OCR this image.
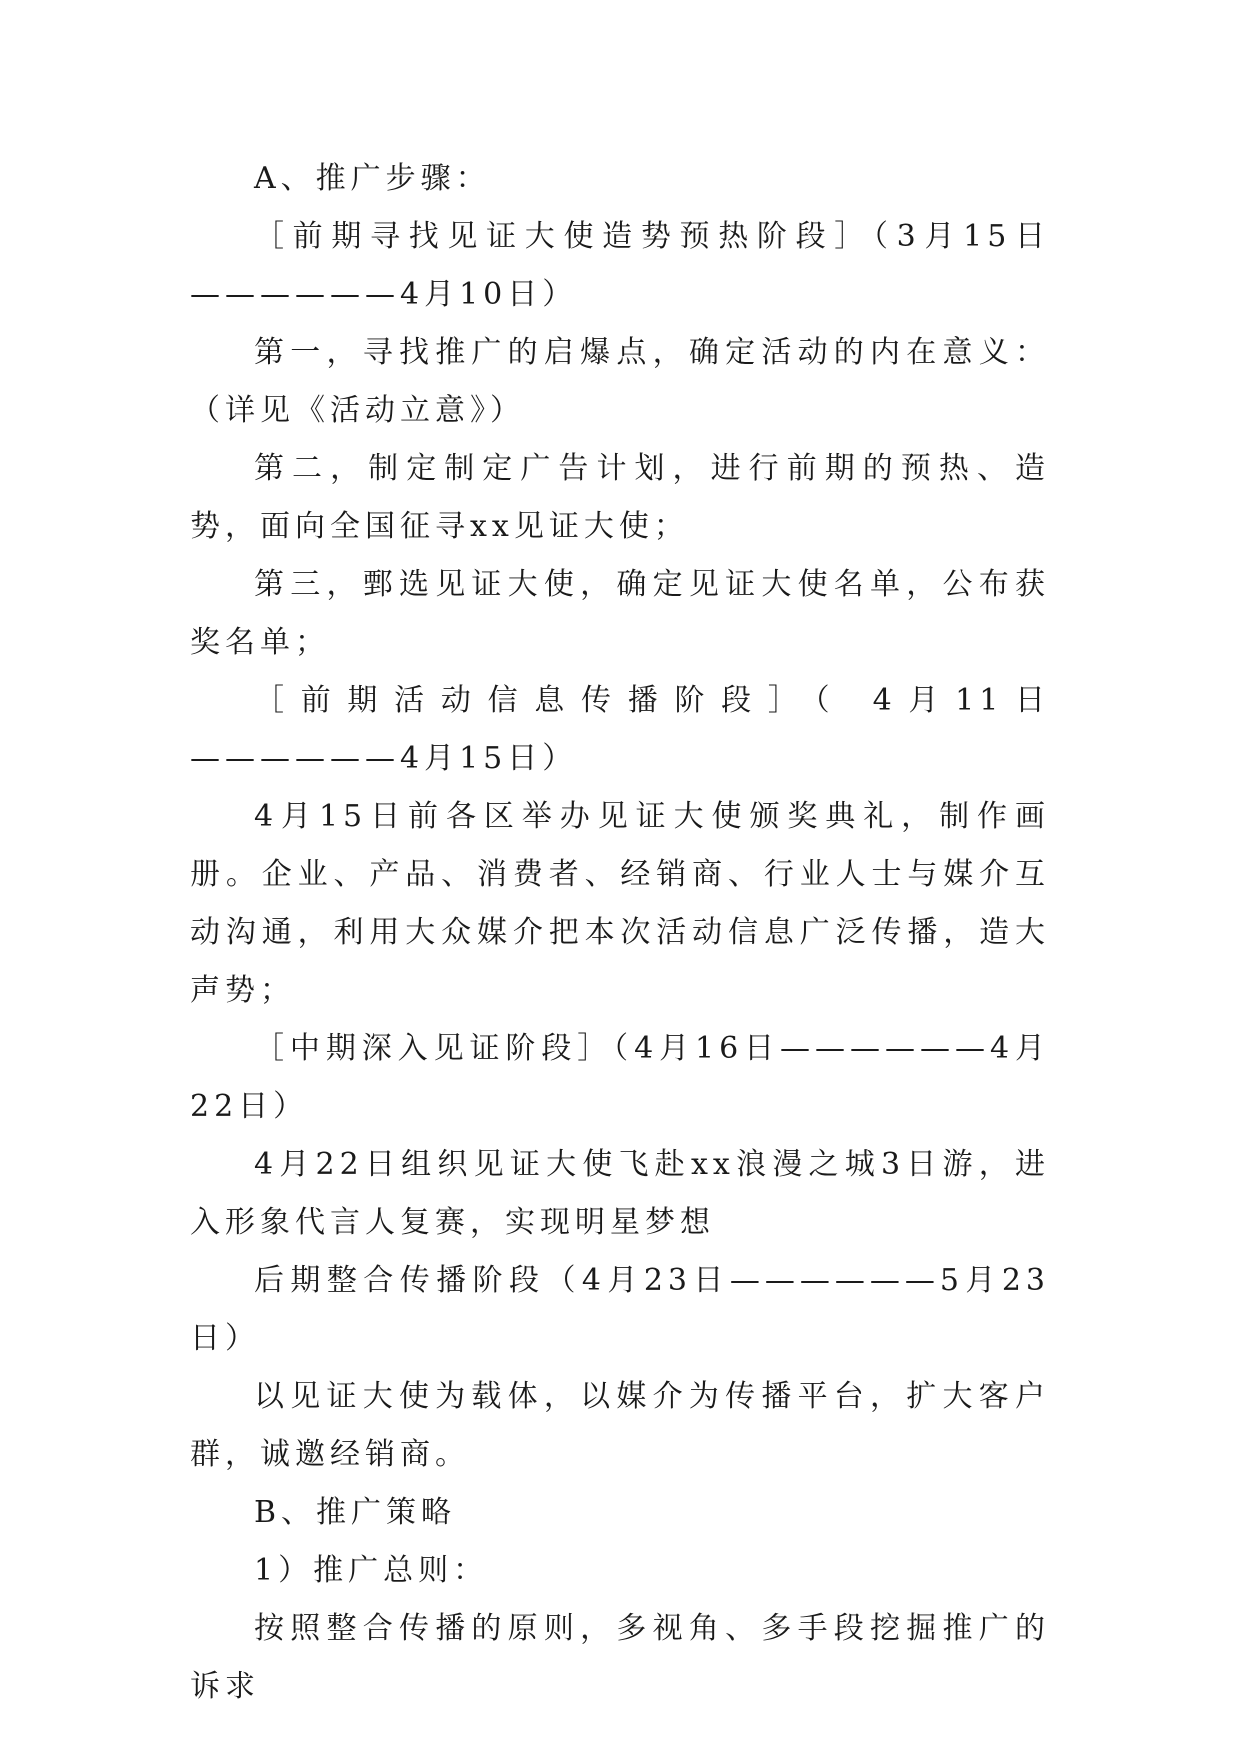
A、推广步骤：

［前期寻找见证大使造势预热阶段］（3月15日——————4月10日）

第一，寻找推广的启爆点，确定活动的内在意义：（详见《活动立意》）

第二，制定制定广告计划，进行前期的预热、造势，面向全国征寻xx见证大使；

第三，鄄选见证大使，确定见证大使名单，公布获奖名单；

［前期活动信息传播阶段］（ 4月11日——————4月15日）

4月15日前各区举办见证大使颁奖典礼，制作画册。企业、产品、消费者、经销商、行业人士与媒介互动沟通，利用大众媒介把本次活动信息广泛传播，造大声势；

［中期深入见证阶段］（4月16日——————4月22日）

4月22日组织见证大使飞赴xx浪漫之城3日游，进入形象代言人复赛，实现明星梦想

后期整合传播阶段（4月23日——————5月23日）

以见证大使为载体，以媒介为传播平台，扩大客户群，诚邀经销商。

B、推广策略

1）推广总则：

按照整合传播的原则，多视角、多手段挖掘推广的诉求
